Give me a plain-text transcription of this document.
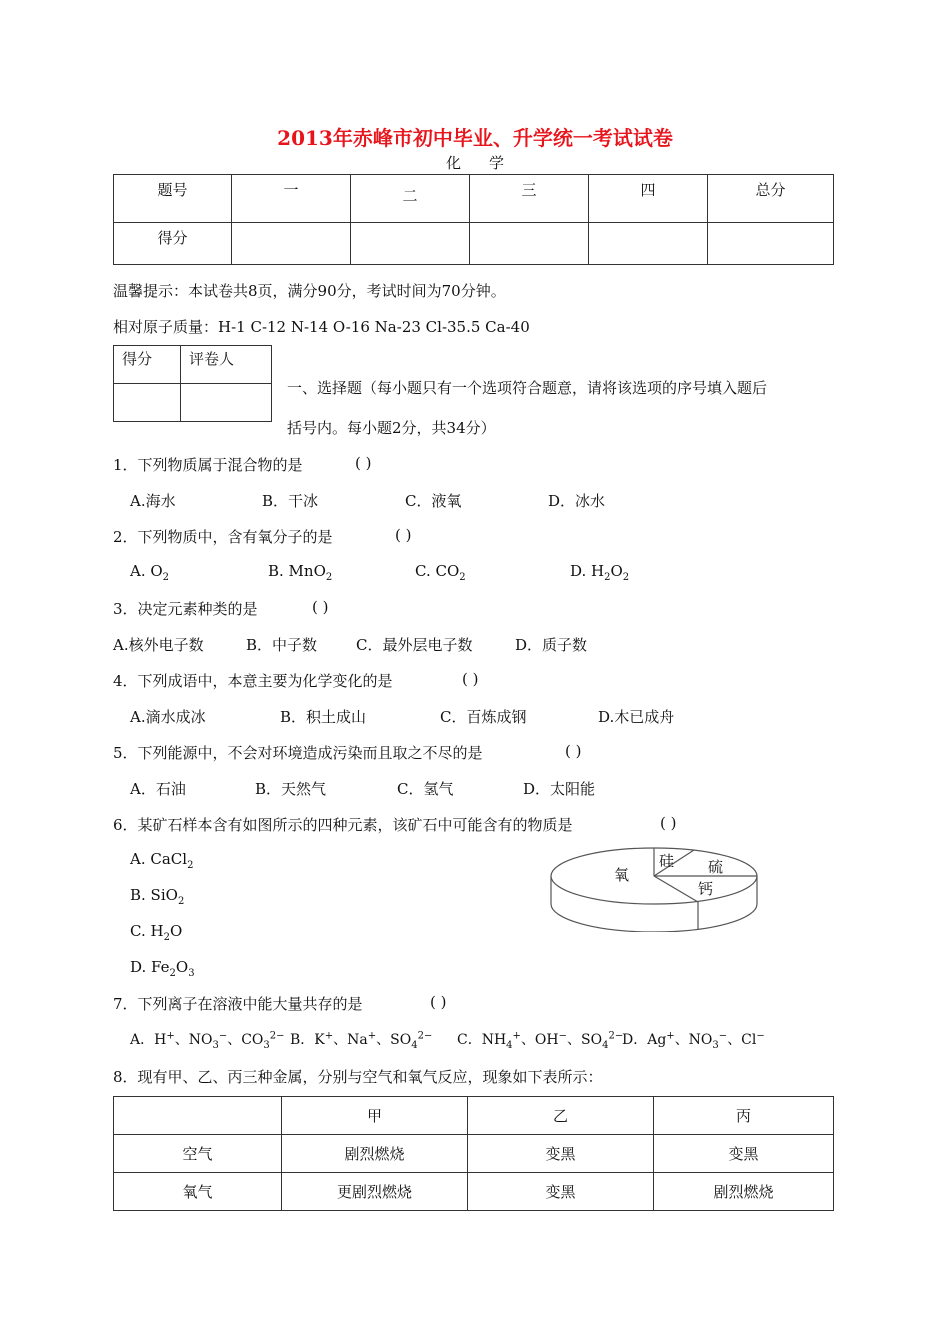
2013年赤峰市初中毕业、升学统一考试试卷
化学
题号	一	二	三	四	总分
得分					
温馨提示：本试卷共8页，满分90分，考试时间为70分钟。
相对原子质量：H-1 C-12 N-14 O-16 Na-23 Cl-35.5 Ca-40
得分	评卷人

一、选择题（每小题只有一个选项符合题意，请将该选项的序号填入题后
括号内。每小题2分，共34分）
1．下列物质属于混合物的是	( )
A.海水	B．干冰	C．液氧	D．冰水
2．下列物质中，含有氧分子的是	( )
A. $O_2$	B. MnO$_2$	C. $CO_2$	D. $H_2O_2$
3．决定元素种类的是	( )
A.核外电子数	B．中子数	C．最外层电子数	D．质子数
4．下列成语中，本意主要为化学变化的是	( )
A.滴水成冰	B．积土成山	C．百炼成钢	D.木已成舟
5．下列能源中，不会对环境造成污染而且取之不尽的是	( )
A．石油	B．天然气	C．氢气	D．太阳能
6．某矿石样本含有如图所示的四种元素，该矿石中可能含有的物质是	( )
A. CaCl$_2$
B. SiO$_2$
C. $H_2O$
D. $Fe_2O_3$
氧
硅 硫
钙
7．下列离子在溶液中能大量共存的是	( )
A．H+、$NO_3^-$、$CO_3^{2-}$ B．K+、Na+、$SO_4^{2-}$ C．$NH_4^+$、OH−、$SO_4^{2-}$
D．Ag+、$NO_3^-$、Cl−
8．现有甲、乙、丙三种金属，分别与空气和氧气反应，现象如下表所示：
	甲	乙	丙
空气	剧烈燃烧	变黑	变黑
氧气	更剧烈燃烧	变黑	剧烈燃烧
